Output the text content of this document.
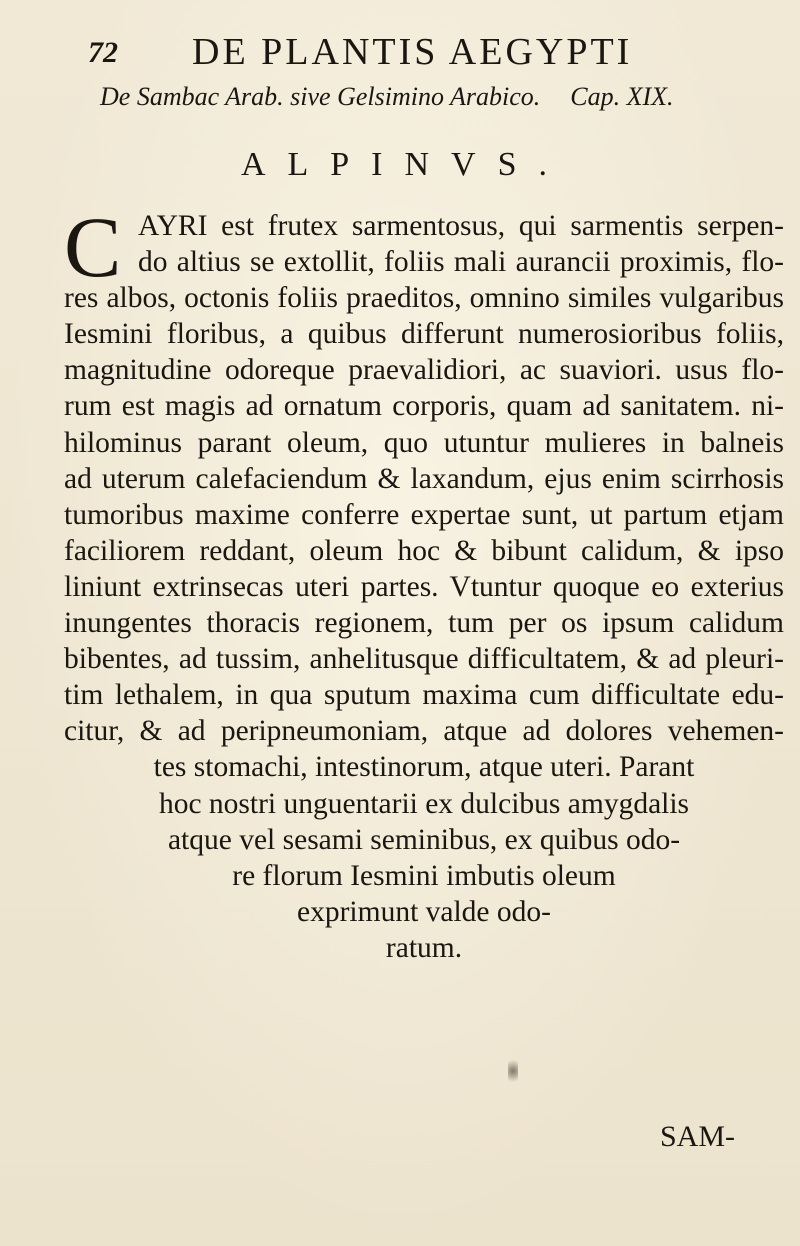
72 DE PLANTIS AEGYPTI
De Sambac Arab. sive Gelsimino Arabico. Cap. XIX.
ALPINVS.
C AYRI est frutex sarmentosus, qui sarmentis serpen-
do altius se extollit, foliis mali aurancii proximis, flo-
res albos, octonis foliis praeditos, omnino similes vulgaribus
Iesmini floribus, a quibus differunt numerosioribus foliis,
magnitudine odoreque praevalidiori, ac suaviori. usus flo-
rum est magis ad ornatum corporis, quam ad sanitatem. ni-
hilominus parant oleum, quo utuntur mulieres in balneis
ad uterum calefaciendum & laxandum, ejus enim scirrhosis
tumoribus maxime conferre expertae sunt, ut partum etjam
faciliorem reddant, oleum hoc & bibunt calidum, & ipso
liniunt extrinsecas uteri partes. Vtuntur quoque eo exterius
inungentes thoracis regionem, tum per os ipsum calidum
bibentes, ad tussim, anhelitusque difficultatem, & ad pleuri-
tim lethalem, in qua sputum maxima cum difficultate edu-
citur, & ad peripneumoniam, atque ad dolores vehemen-
tes stomachi, intestinorum, atque uteri. Parant
hoc nostri unguentarii ex dulcibus amygdalis
atque vel sesami seminibus, ex quibus odo-
re florum Iesmini imbutis oleum
exprimunt valde odo-
ratum.
SAM-
